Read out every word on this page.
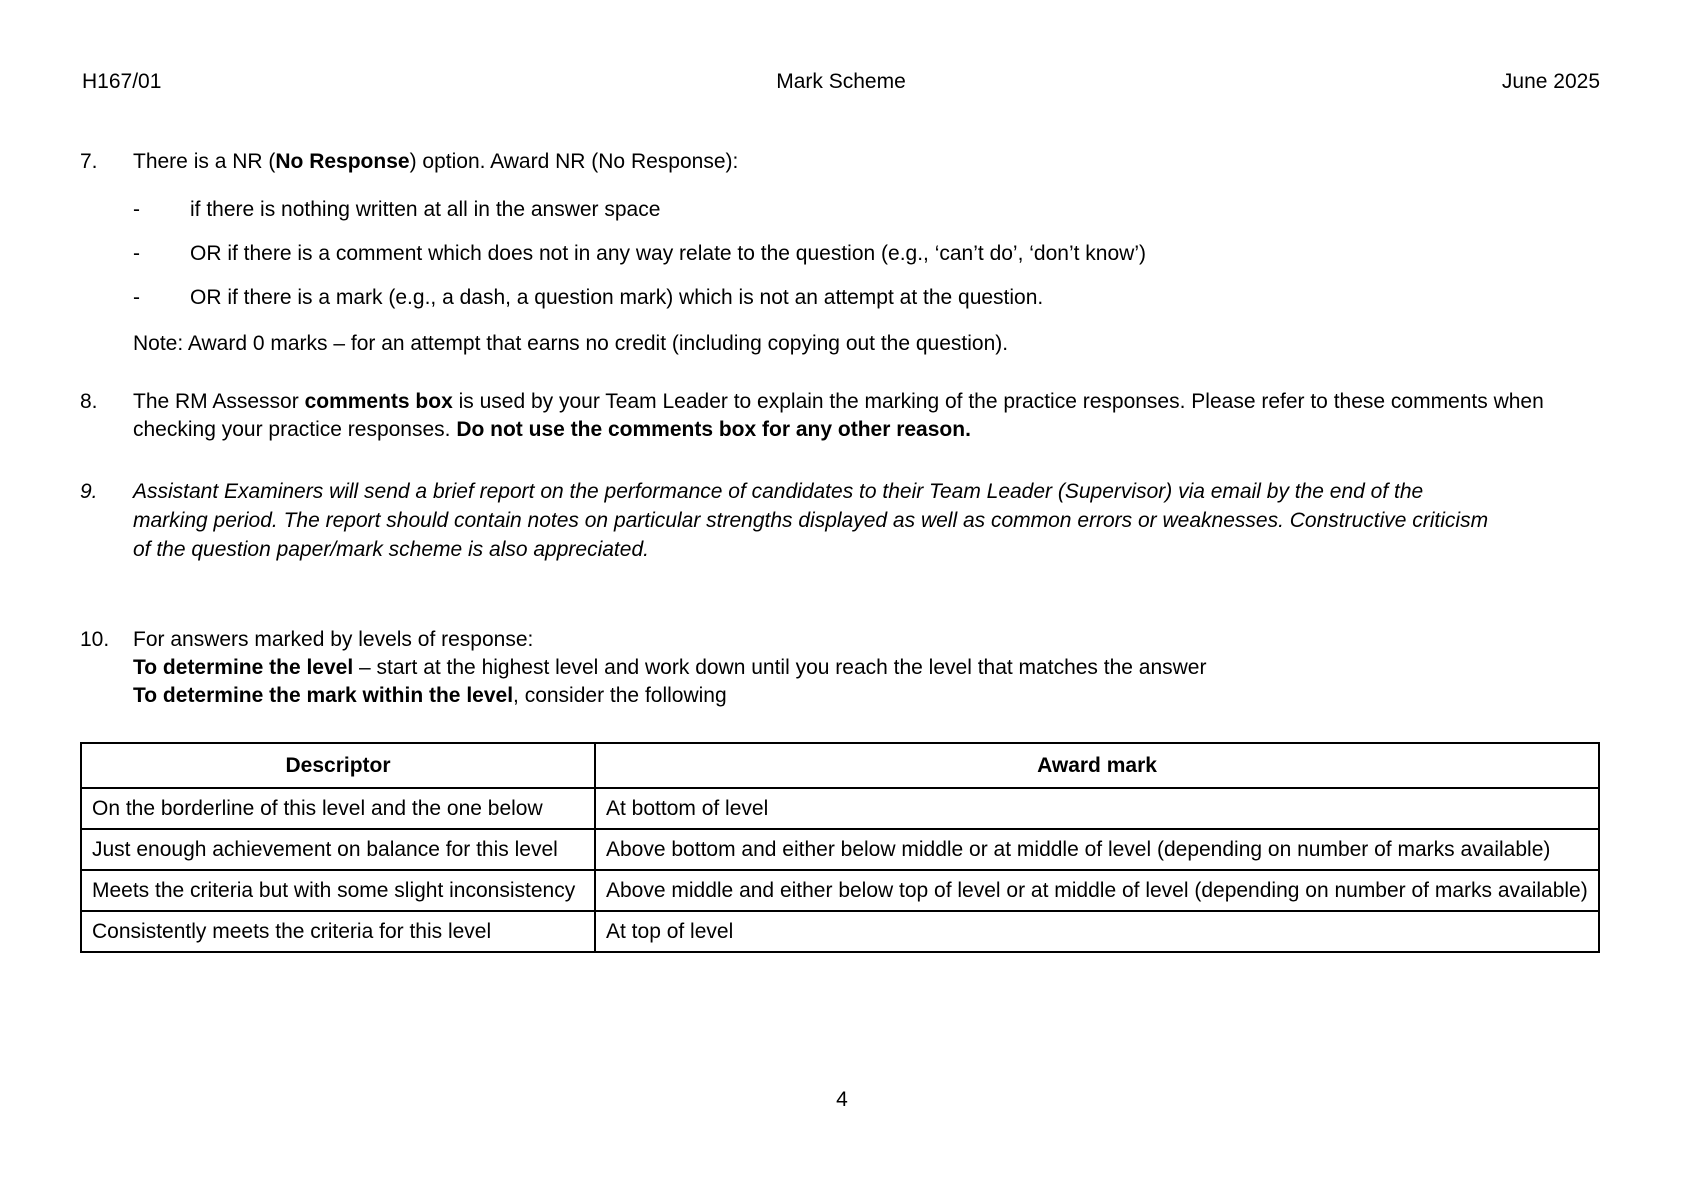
H167/01	Mark Scheme	June 2025
7.	There is a NR (No Response) option. Award NR (No Response):
-	if there is nothing written at all in the answer space
-	OR if there is a comment which does not in any way relate to the question (e.g., ‘can’t do’, ‘don’t know’)
-	OR if there is a mark (e.g., a dash, a question mark) which is not an attempt at the question.
Note: Award 0 marks – for an attempt that earns no credit (including copying out the question).
8.	The RM Assessor comments box is used by your Team Leader to explain the marking of the practice responses. Please refer to these comments when checking your practice responses. Do not use the comments box for any other reason.
9.	Assistant Examiners will send a brief report on the performance of candidates to their Team Leader (Supervisor) via email by the end of the marking period. The report should contain notes on particular strengths displayed as well as common errors or weaknesses. Constructive criticism of the question paper/mark scheme is also appreciated.
10.	For answers marked by levels of response:
To determine the level – start at the highest level and work down until you reach the level that matches the answer
To determine the mark within the level, consider the following
Descriptor	Award mark
On the borderline of this level and the one below	At bottom of level
Just enough achievement on balance for this level	Above bottom and either below middle or at middle of level (depending on number of marks available)
Meets the criteria but with some slight inconsistency	Above middle and either below top of level or at middle of level (depending on number of marks available)
Consistently meets the criteria for this level	At top of level
4
